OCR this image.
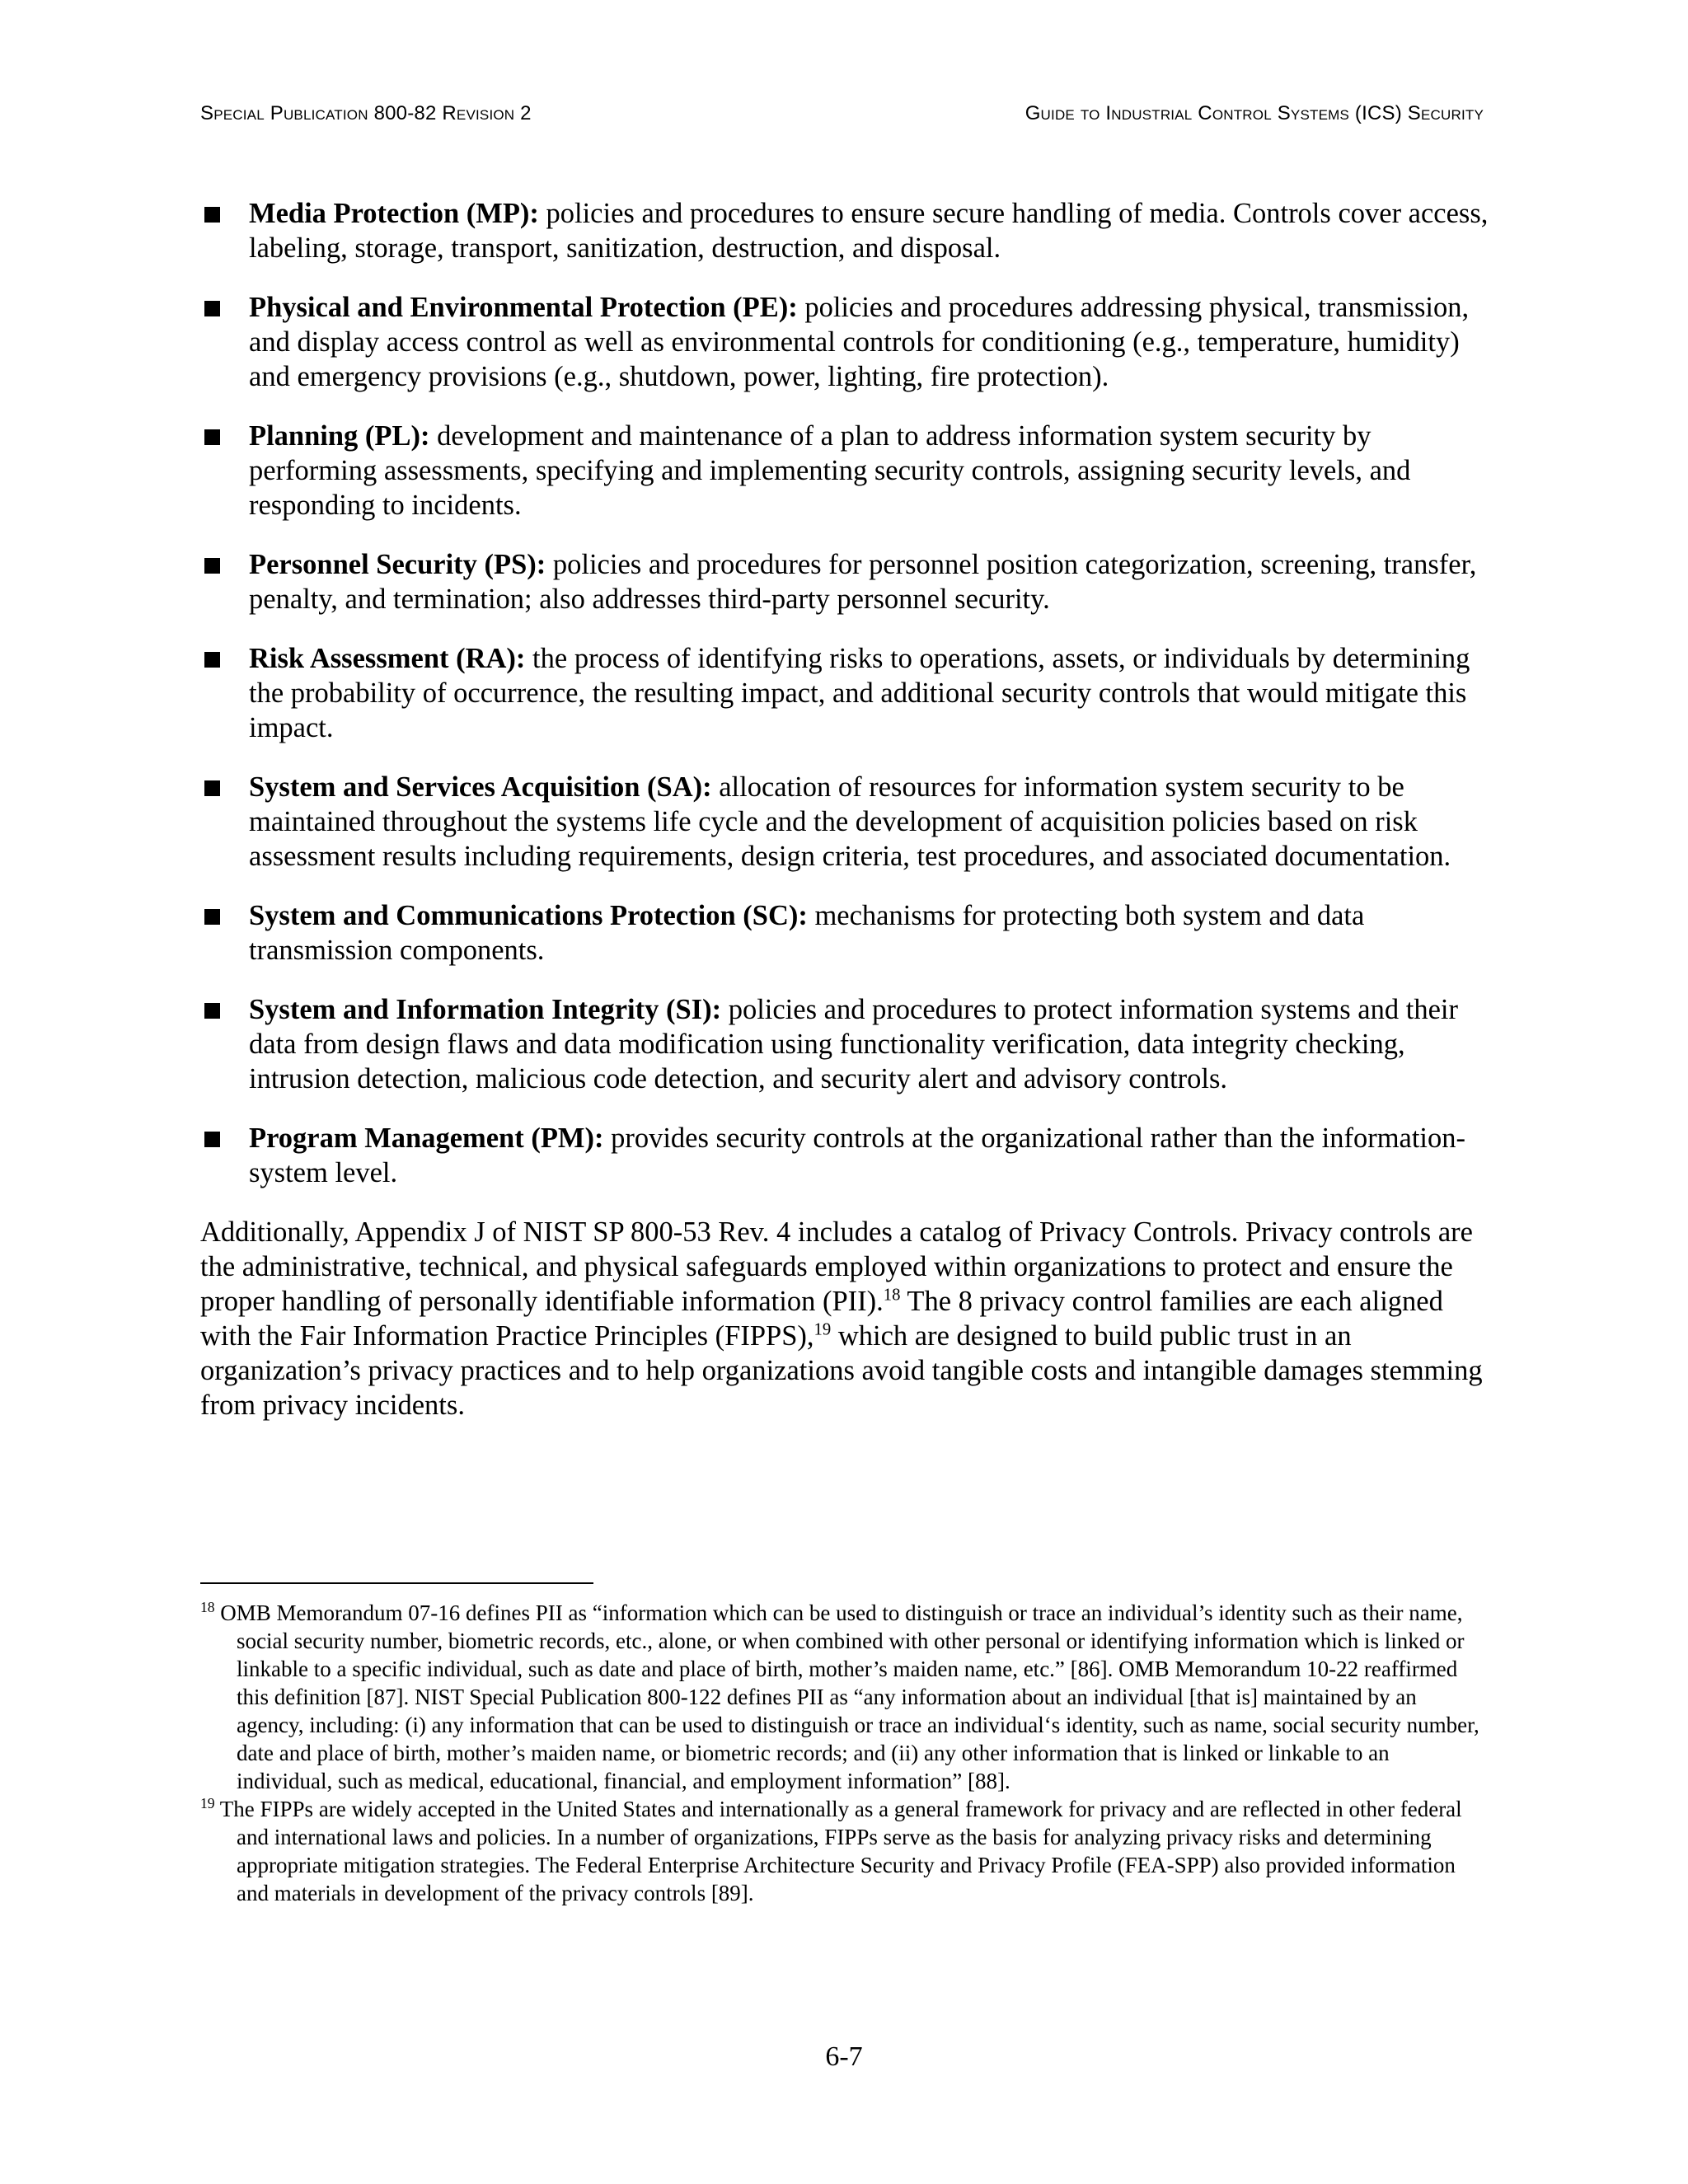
Special Publication 800-82 Revision 2	Guide to Industrial Control Systems (ICS) Security
Media Protection (MP): policies and procedures to ensure secure handling of media. Controls cover access, labeling, storage, transport, sanitization, destruction, and disposal.
Physical and Environmental Protection (PE): policies and procedures addressing physical, transmission, and display access control as well as environmental controls for conditioning (e.g., temperature, humidity) and emergency provisions (e.g., shutdown, power, lighting, fire protection).
Planning (PL): development and maintenance of a plan to address information system security by performing assessments, specifying and implementing security controls, assigning security levels, and responding to incidents.
Personnel Security (PS): policies and procedures for personnel position categorization, screening, transfer, penalty, and termination; also addresses third-party personnel security.
Risk Assessment (RA): the process of identifying risks to operations, assets, or individuals by determining the probability of occurrence, the resulting impact, and additional security controls that would mitigate this impact.
System and Services Acquisition (SA): allocation of resources for information system security to be maintained throughout the systems life cycle and the development of acquisition policies based on risk assessment results including requirements, design criteria, test procedures, and associated documentation.
System and Communications Protection (SC): mechanisms for protecting both system and data transmission components.
System and Information Integrity (SI): policies and procedures to protect information systems and their data from design flaws and data modification using functionality verification, data integrity checking, intrusion detection, malicious code detection, and security alert and advisory controls.
Program Management (PM): provides security controls at the organizational rather than the information-system level.

Additionally, Appendix J of NIST SP 800-53 Rev. 4 includes a catalog of Privacy Controls. Privacy controls are the administrative, technical, and physical safeguards employed within organizations to protect and ensure the proper handling of personally identifiable information (PII).$^{18}$ The 8 privacy control families are each aligned with the Fair Information Practice Principles (FIPPS),$^{19}$ which are designed to build public trust in an organization’s privacy practices and to help organizations avoid tangible costs and intangible damages stemming from privacy incidents.

$^{18}$ OMB Memorandum 07-16 defines PII as “information which can be used to distinguish or trace an individual’s identity such as their name, social security number, biometric records, etc., alone, or when combined with other personal or identifying information which is linked or linkable to a specific individual, such as date and place of birth, mother’s maiden name, etc.” [86]. OMB Memorandum 10-22 reaffirmed this definition [87]. NIST Special Publication 800-122 defines PII as “any information about an individual [that is] maintained by an agency, including: (i) any information that can be used to distinguish or trace an individual‘s identity, such as name, social security number, date and place of birth, mother’s maiden name, or biometric records; and (ii) any other information that is linked or linkable to an individual, such as medical, educational, financial, and employment information” [88].

$^{19}$ The FIPPs are widely accepted in the United States and internationally as a general framework for privacy and are reflected in other federal and international laws and policies. In a number of organizations, FIPPs serve as the basis for analyzing privacy risks and determining appropriate mitigation strategies. The Federal Enterprise Architecture Security and Privacy Profile (FEA-SPP) also provided information and materials in development of the privacy controls [89].

6-7
